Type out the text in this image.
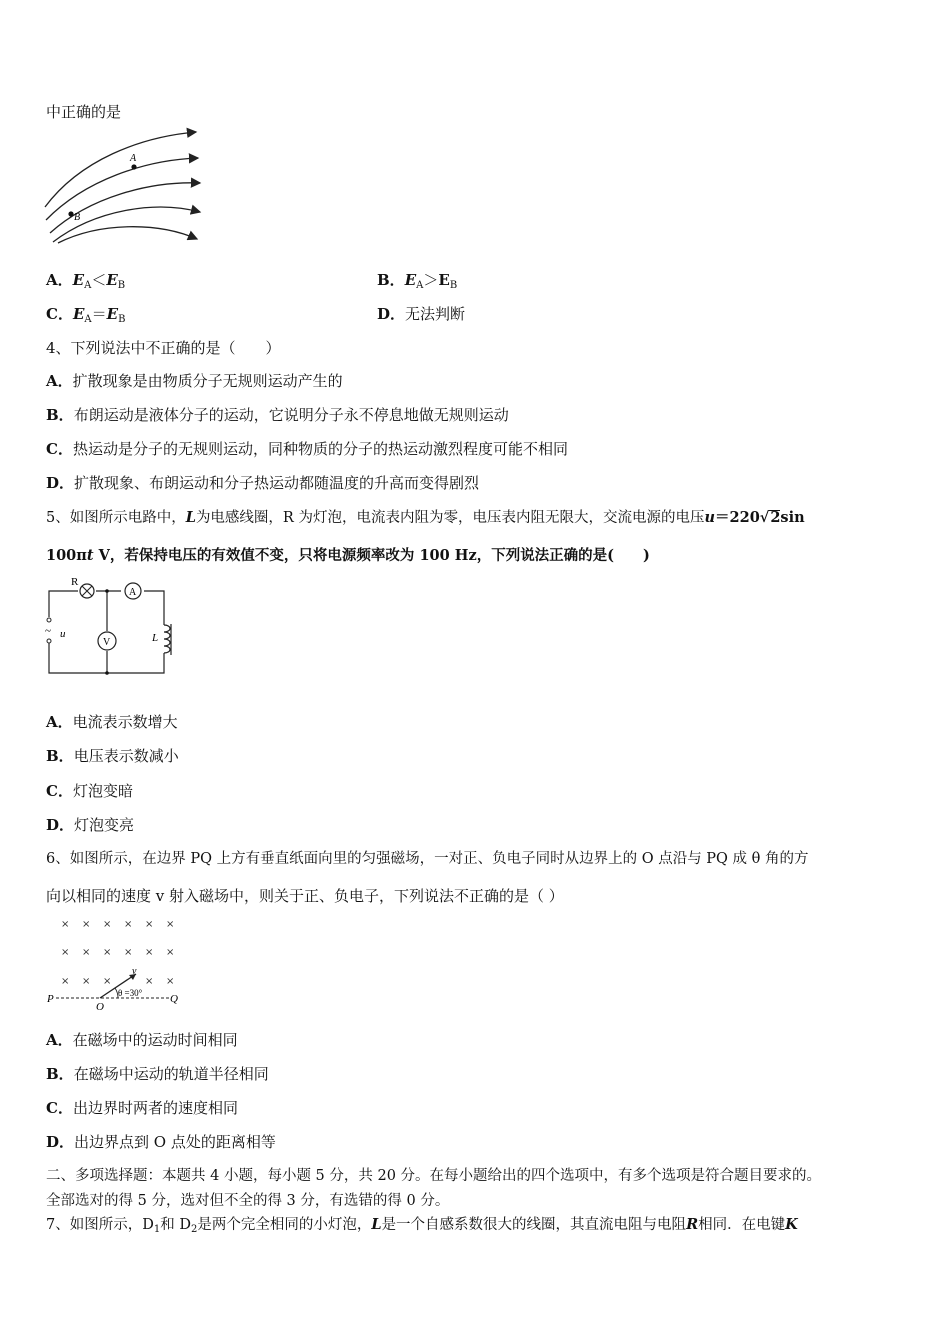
中正确的是
A
B
A．$E_A<E_B$	B．$E_A>E_B$
C．$E_A=E_B$	D．无法判断
4、下列说法中不正确的是（　　）
A．扩散现象是由物质分子无规则运动产生的
B．布朗运动是液体分子的运动，它说明分子永不停息地做无规则运动
C．热运动是分子的无规则运动，同种物质的分子的热运动激烈程度可能不相同
D．扩散现象、布朗运动和分子热运动都随温度的升高而变得剧烈
5、如图所示电路中，L为电感线圈，R 为灯泡，电流表内阻为零，电压表内阻无限大，交流电源的电压u＝220√2sin
100πt V，若保持电压的有效值不变，只将电源频率改为 100 Hz，下列说法正确的是(　　)
A
V
~ u
R
L
A．电流表示数增大
B．电压表示数减小
C．灯泡变暗
D．灯泡变亮
6、如图所示，在边界 PQ 上方有垂直纸面向里的匀强磁场，一对正、负电子同时从边界上的 O 点沿与 PQ 成 θ 角的方
向以相同的速度 v 射入磁场中，则关于正、负电子，下列说法不正确的是（ ）
× × × × × ×
× × × × × ×
× × ×	× ×
P	Q
O
v
θ =30°
A．在磁场中的运动时间相同
B．在磁场中运动的轨道半径相同
C．出边界时两者的速度相同
D．出边界点到 O 点处的距离相等
二、多项选择题：本题共 4 小题，每小题 5 分，共 20 分。在每小题给出的四个选项中，有多个选项是符合题目要求的。
全部选对的得 5 分，选对但不全的得 3 分，有选错的得 0 分。
7、如图所示，$D_1$和 $D_2$是两个完全相同的小灯泡，L是一个自感系数很大的线圈，其直流电阻与电阻R相同．在电键K
